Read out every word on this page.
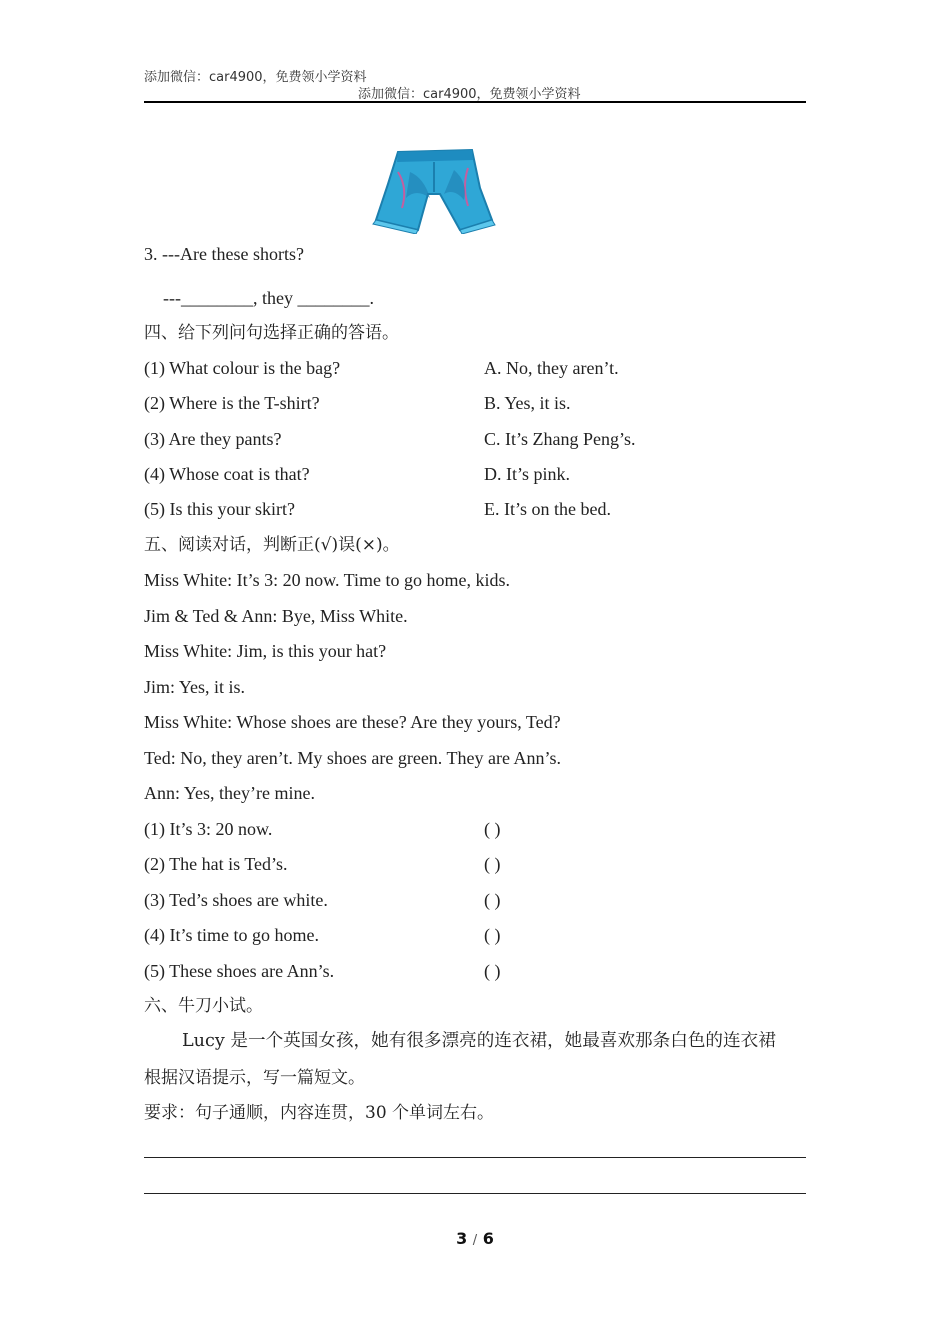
添加微信：car4900，免费领小学资料
添加微信：car4900，免费领小学资料
3. ---Are these shorts?
---________, they ________.
四、给下列问句选择正确的答语。
(1) What colour is the bag?	A. No, they aren’t.
(2) Where is the T-shirt?	B. Yes, it is.
(3) Are they pants?	C. It’s Zhang Peng’s.
(4) Whose coat is that?	D. It’s pink.
(5) Is this your skirt?	E. It’s on the bed.
五、阅读对话，判断正(√)误(×)。
Miss White: It’s 3: 20 now. Time to go home, kids.
Jim & Ted & Ann: Bye, Miss White.
Miss White: Jim, is this your hat?
Jim: Yes, it is.
Miss White: Whose shoes are these? Are they yours, Ted?
Ted: No, they aren’t. My shoes are green. They are Ann’s.
Ann: Yes, they’re mine.
(1) It’s 3: 20 now.	( )
(2) The hat is Ted’s.	( )
(3) Ted’s shoes are white.	( )
(4) It’s time to go home.	( )
(5) These shoes are Ann’s.	( )
六、牛刀小试。
Lucy 是一个英国女孩，她有很多漂亮的连衣裙，她最喜欢那条白色的连衣裙
根据汉语提示，写一篇短文。
要求：句子通顺，内容连贯，30 个单词左右。
3 / 6
